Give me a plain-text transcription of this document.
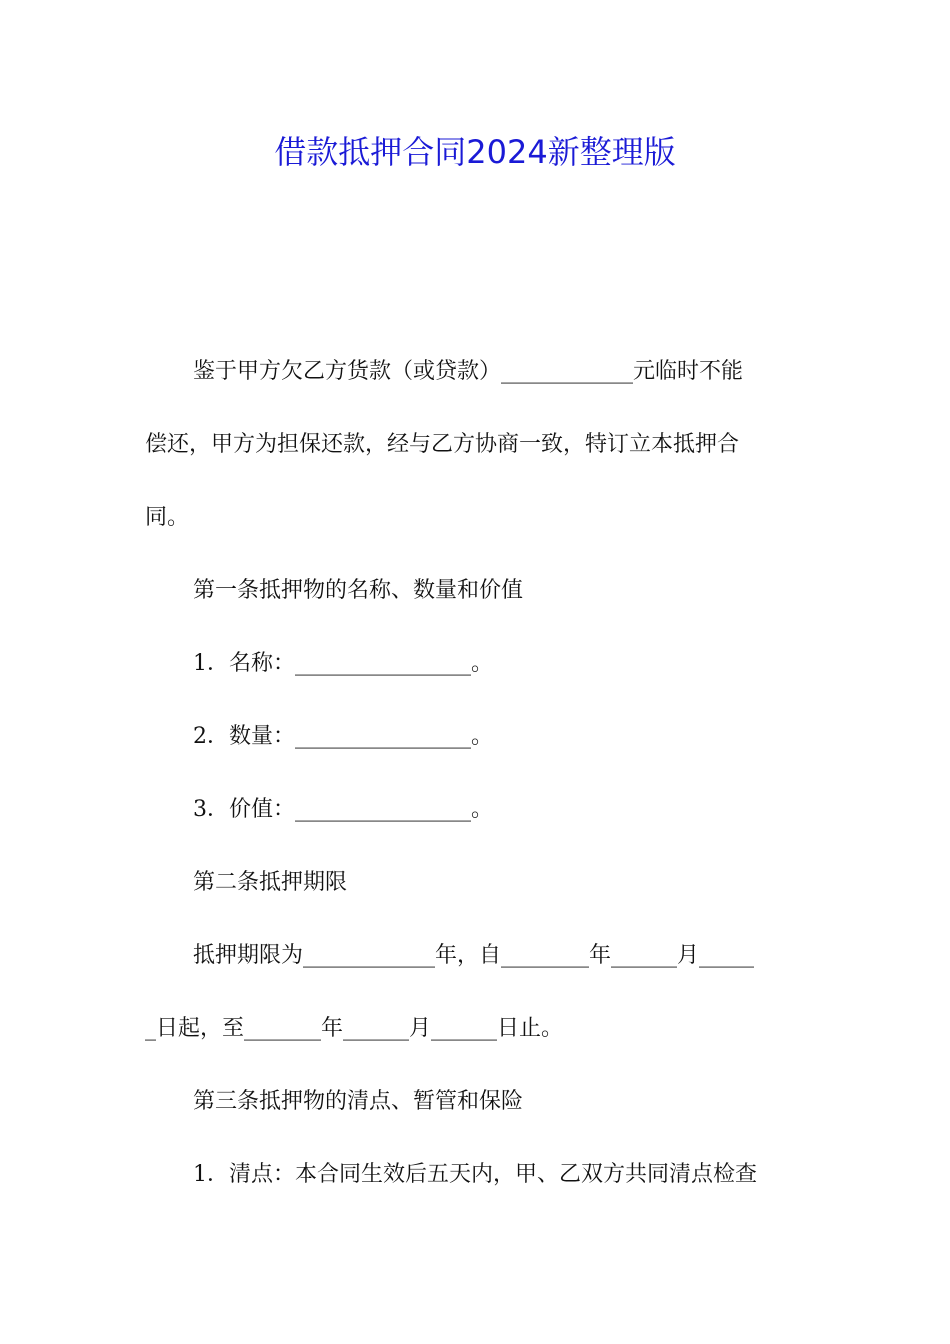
借款抵押合同2024新整理版

鉴于甲方欠乙方货款（或贷款）____________元临时不能

偿还，甲方为担保还款，经与乙方协商一致，特订立本抵押合

同。

第一条抵押物的名称、数量和价值

1．名称：________________。

2．数量：________________。

3．价值：________________。

第二条抵押期限

抵押期限为____________年，自________年______月_____

_日起，至_______年______月______日止。

第三条抵押物的清点、暂管和保险

1．清点：本合同生效后五天内，甲、乙双方共同清点检查
